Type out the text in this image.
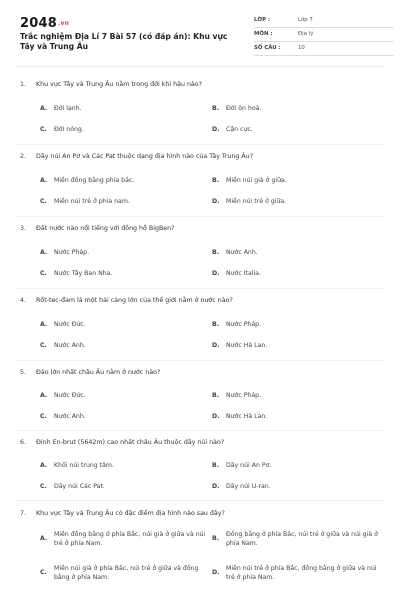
2048.vn
Trắc nghiệm Địa Lí 7 Bài 57 (có đáp án): Khu vực Tây và Trung Âu
LỚP :	Lớp 7
MÔN :	Địa lý
SỐ CÂU :	10
1. Khu vực Tây và Trung Âu nằm trong đới khí hậu nào?
A. Đới lạnh.	B. Đới ôn hoà.
C. Đới nóng.	D. Cận cực.
2. Dãy núi An Pơ và Các Pat thuộc dạng địa hình nào của Tây Trung Âu?
A. Miền đồng bằng phía bắc.	B. Miền núi già ở giữa.
C. Miền núi trẻ ở phía nam.	D. Miền núi trẻ ở giữa.
3. Đất nước nào nổi tiếng với đồng hồ BigBen?
A. Nước Pháp.	B. Nước Anh.
C. Nước Tây Ban Nha.	D. Nước Italia.
4. Rốt-tec-đam là một hải cảng lớn của thế giới nằm ở nước nào?
A. Nước Đức.	B. Nước Pháp.
C. Nước Anh.	D. Nước Hà Lan.
5. Đảo lớn nhất châu Âu nằm ở nước nào?
A. Nước Đức.	B. Nước Pháp.
C. Nước Anh.	D. Nước Hà Lan.
6. Đỉnh En-brut (5642m) cao nhất châu Âu thuộc dãy núi nào?
A. Khối núi trung tâm.	B. Dãy núi An Pơ.
C. Dãy núi Các Pat.	D. Dãy núi U-ran.
7. Khu vực Tây và Trung Âu có đặc điểm địa hình nào sau đây?
A.
Miền đồng bằng ở phía Bắc, núi già ở giữa và núi trẻ ở phía Nam.
B.
Đồng bằng ở phía Bắc, núi trẻ ở giữa và núi già ở phía Nam.
C.
Miền núi già ở phía Bắc, núi trẻ ở giữa và đồng bằng ở phía Nam.
D.
Miền núi trẻ ở phía Bắc, đồng bằng ở giữa và núi trẻ ở phía Nam.
